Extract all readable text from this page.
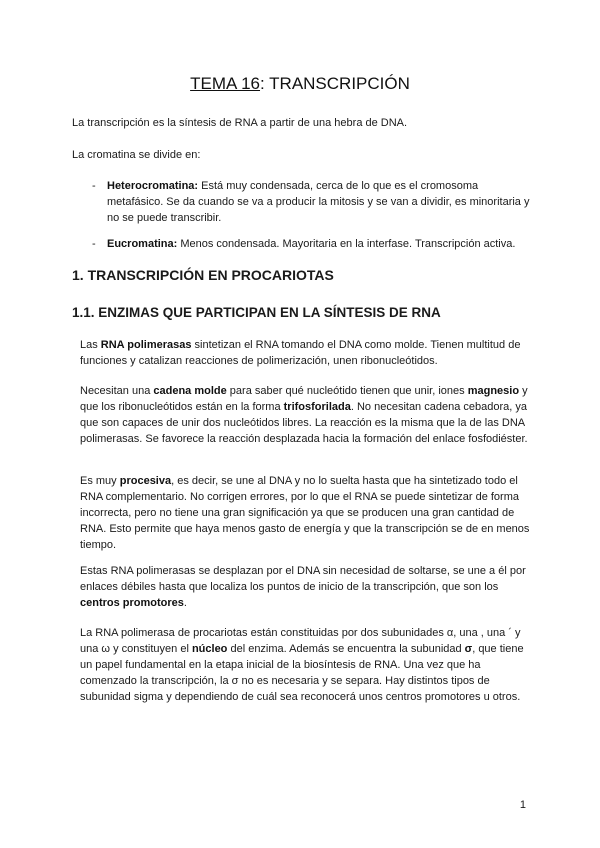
TEMA 16: TRANSCRIPCIÓN

La transcripción es la síntesis de RNA a partir de una hebra de DNA.

La cromatina se divide en:

-	Heterocromatina: Está muy condensada, cerca de lo que es el cromosoma metafásico. Se da cuando se va a producir la mitosis y se van a dividir, es minoritaria y no se puede transcribir.

-	Eucromatina: Menos condensada. Mayoritaria en la interfase. Transcripción activa.

1. TRANSCRIPCIÓN EN PROCARIOTAS
1.1. ENZIMAS QUE PARTICIPAN EN LA SÍNTESIS DE RNA

Las RNA polimerasas sintetizan el RNA tomando el DNA como molde. Tienen multitud de funciones y catalizan reacciones de polimerización, unen ribonucleótidos.

Necesitan una cadena molde para saber qué nucleótido tienen que unir, iones magnesio y que los ribonucleótidos están en la forma trifosforilada. No necesitan cadena cebadora, ya que son capaces de unir dos nucleótidos libres. La reacción es la misma que la de las DNA polimerasas. Se favorece la reacción desplazada hacia la formación del enlace fosfodiéster.

Es muy procesiva, es decir, se une al DNA y no lo suelta hasta que ha sintetizado todo el RNA complementario. No corrigen errores, por lo que el RNA se puede sintetizar de forma incorrecta, pero no tiene una gran significación ya que se producen una gran cantidad de RNA. Esto permite que haya menos gasto de energía y que la transcripción se de en menos tiempo.

Estas RNA polimerasas se desplazan por el DNA sin necesidad de soltarse, se une a él por enlaces débiles hasta que localiza los puntos de inicio de la transcripción, que son los centros promotores.

La RNA polimerasa de procariotas están constituidas por dos subunidades α, una , una ´ y una ω y constituyen el núcleo del enzima. Además se encuentra la subunidad σ, que tiene un papel fundamental en la etapa inicial de la biosíntesis de RNA. Una vez que ha comenzado la transcripción, la σ no es necesaria y se separa. Hay distintos tipos de subunidad sigma y dependiendo de cuál sea reconocerá unos centros promotores u otros.

1
